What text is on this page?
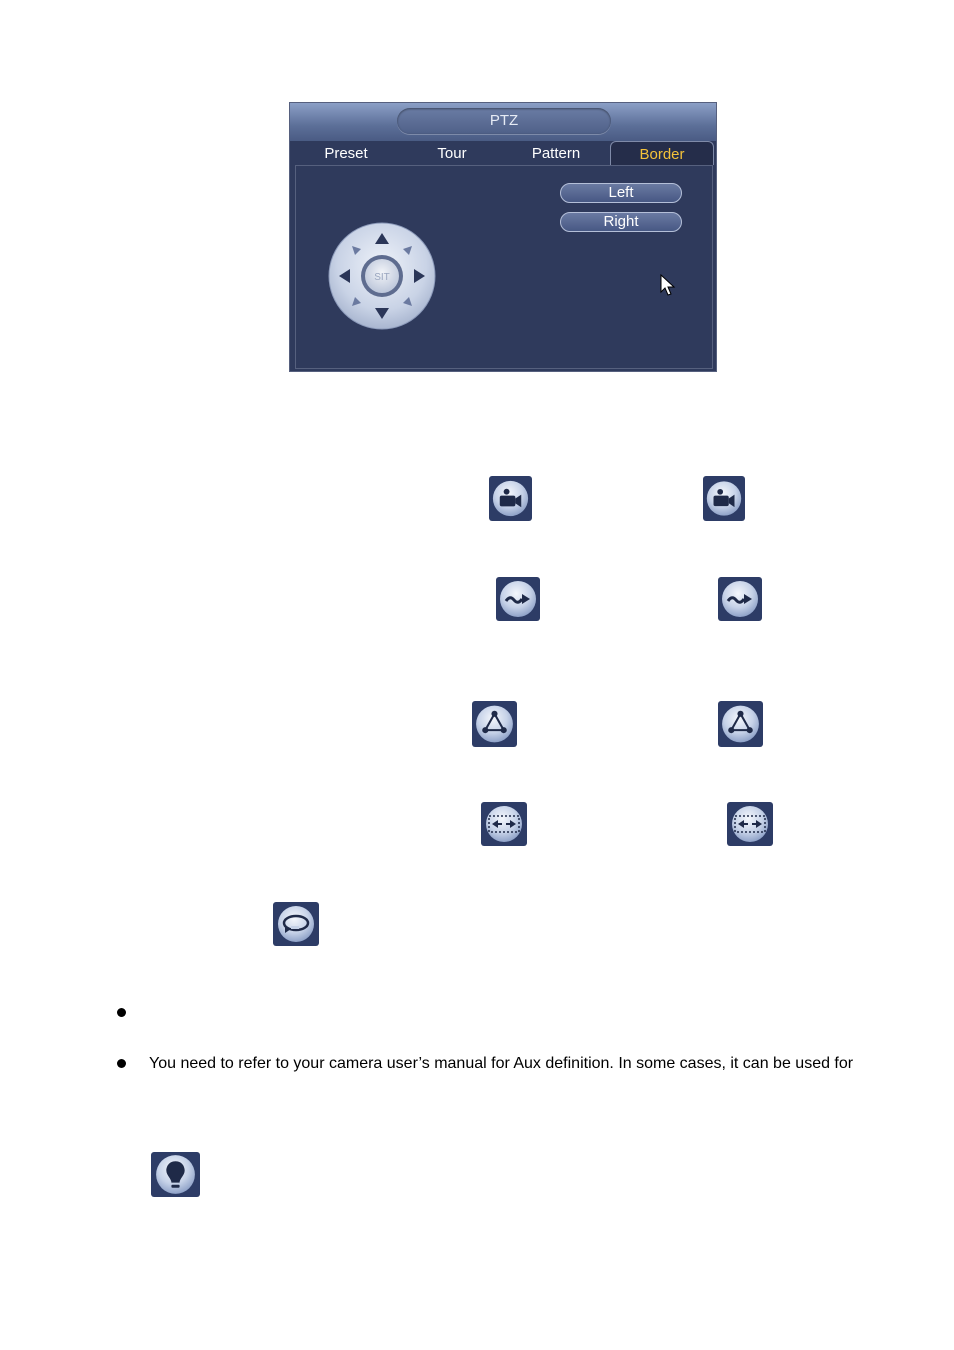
PTZ
Preset	Tour	Pattern	Border
Left
Right
SIT
You need to refer to your camera user’s manual for Aux definition. In some cases, it can be used for
